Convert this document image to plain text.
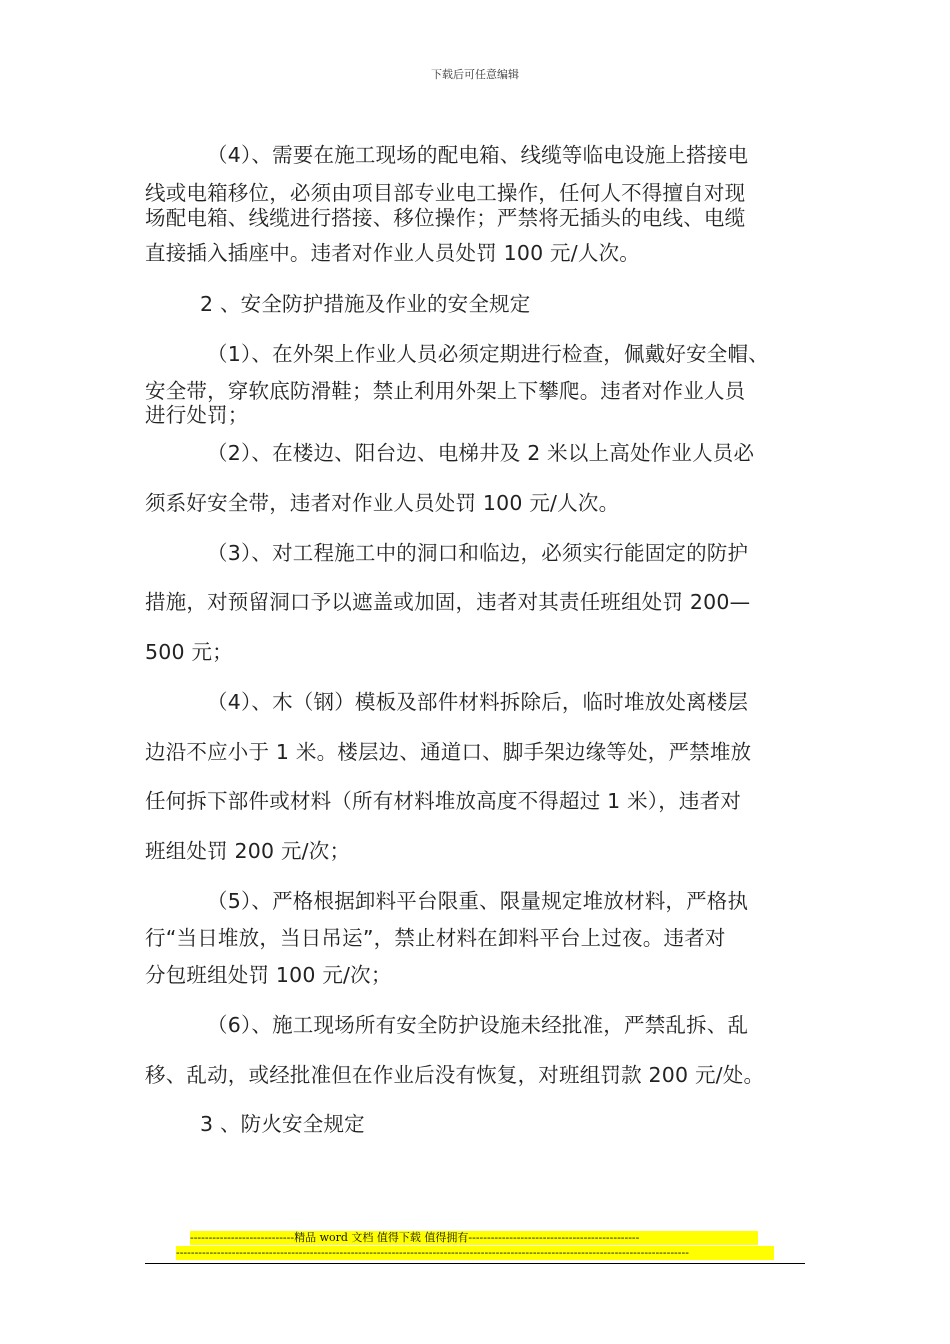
下载后可任意编辑
（4）、需要在施工现场的配电箱、线缆等临电设施上搭接电
线或电箱移位，必须由项目部专业电工操作，任何人不得擅自对现
场配电箱、线缆进行搭接、移位操作；严禁将无插头的电线、电缆
直接插入插座中。违者对作业人员处罚 100 元/人次。
2 、安全防护措施及作业的安全规定
（1）、在外架上作业人员必须定期进行检查，佩戴好安全帽、
安全带，穿软底防滑鞋；禁止利用外架上下攀爬。违者对作业人员
进行处罚；
（2）、在楼边、阳台边、电梯井及 2 米以上高处作业人员必
须系好安全带，违者对作业人员处罚 100 元/人次。
（3）、对工程施工中的洞口和临边，必须实行能固定的防护
措施，对预留洞口予以遮盖或加固，违者对其责任班组处罚 200—
500 元；
（4）、木（钢）模板及部件材料拆除后，临时堆放处离楼层
边沿不应小于 1 米。楼层边、通道口、脚手架边缘等处，严禁堆放
任何拆下部件或材料（所有材料堆放高度不得超过 1 米），违者对
班组处罚 200 元/次；
（5）、严格根据卸料平台限重、限量规定堆放材料，严格执
行“当日堆放，当日吊运”，禁止材料在卸料平台上过夜。违者对
分包班组处罚 100 元/次；
（6）、施工现场所有安全防护设施未经批准，严禁乱拆、乱
移、乱动，或经批准但在作业后没有恢复，对班组罚款 200 元/处。
3 、防火安全规定
----------------------------精品 word 文档 值得下载 值得拥有----------------------------------------------
------------------------------------------------------------------------------------------------------------------------------------------
